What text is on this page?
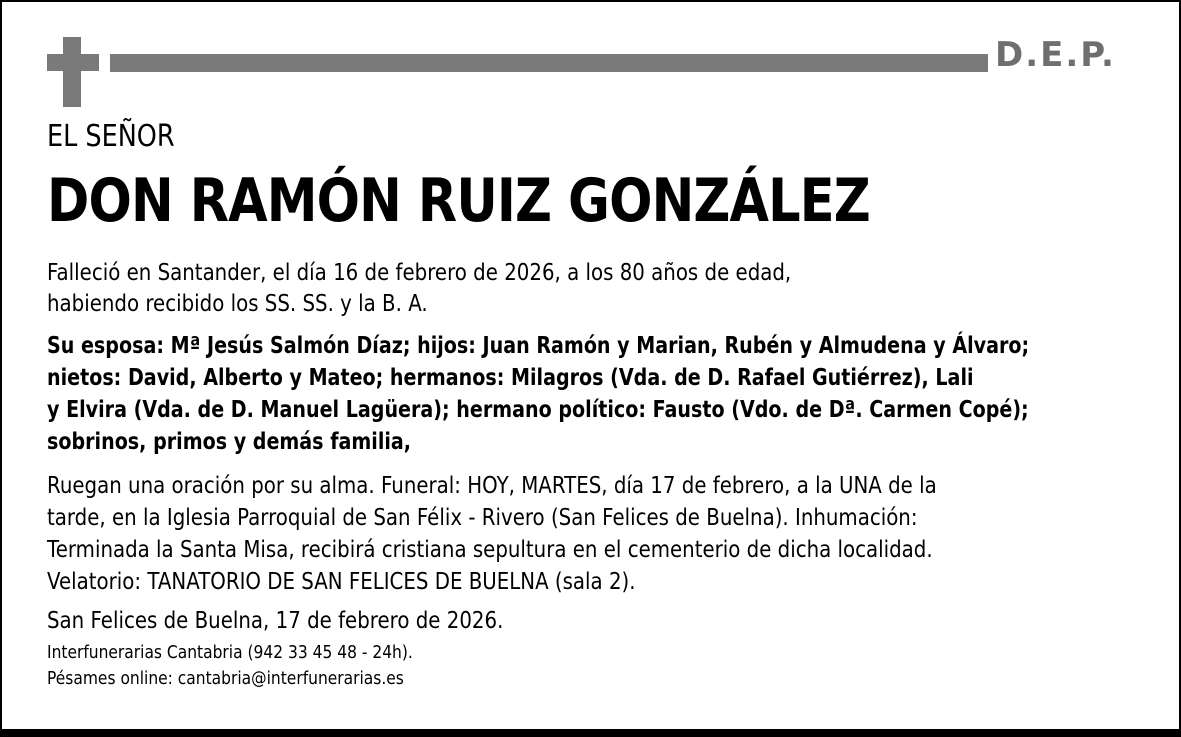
D.E.P.
EL SEÑOR
DON RAMÓN RUIZ GONZÁLEZ
Falleció en Santander, el día 16 de febrero de 2026, a los 80 años de edad,
habiendo recibido los SS. SS. y la B. A.
Su esposa: Mª Jesús Salmón Díaz; hijos: Juan Ramón y Marian, Rubén y Almudena y Álvaro;
nietos: David, Alberto y Mateo; hermanos: Milagros (Vda. de D. Rafael Gutiérrez), Lali
y Elvira (Vda. de D. Manuel Lagüera); hermano político: Fausto (Vdo. de Dª. Carmen Copé);
sobrinos, primos y demás familia,
Ruegan una oración por su alma. Funeral: HOY, MARTES, día 17 de febrero, a la UNA de la
tarde, en la Iglesia Parroquial de San Félix - Rivero (San Felices de Buelna). Inhumación:
Terminada la Santa Misa, recibirá cristiana sepultura en el cementerio de dicha localidad.
Velatorio: TANATORIO DE SAN FELICES DE BUELNA (sala 2).
San Felices de Buelna, 17 de febrero de 2026.
Interfunerarias Cantabria (942 33 45 48 - 24h).
Pésames online: cantabria@interfunerarias.es
